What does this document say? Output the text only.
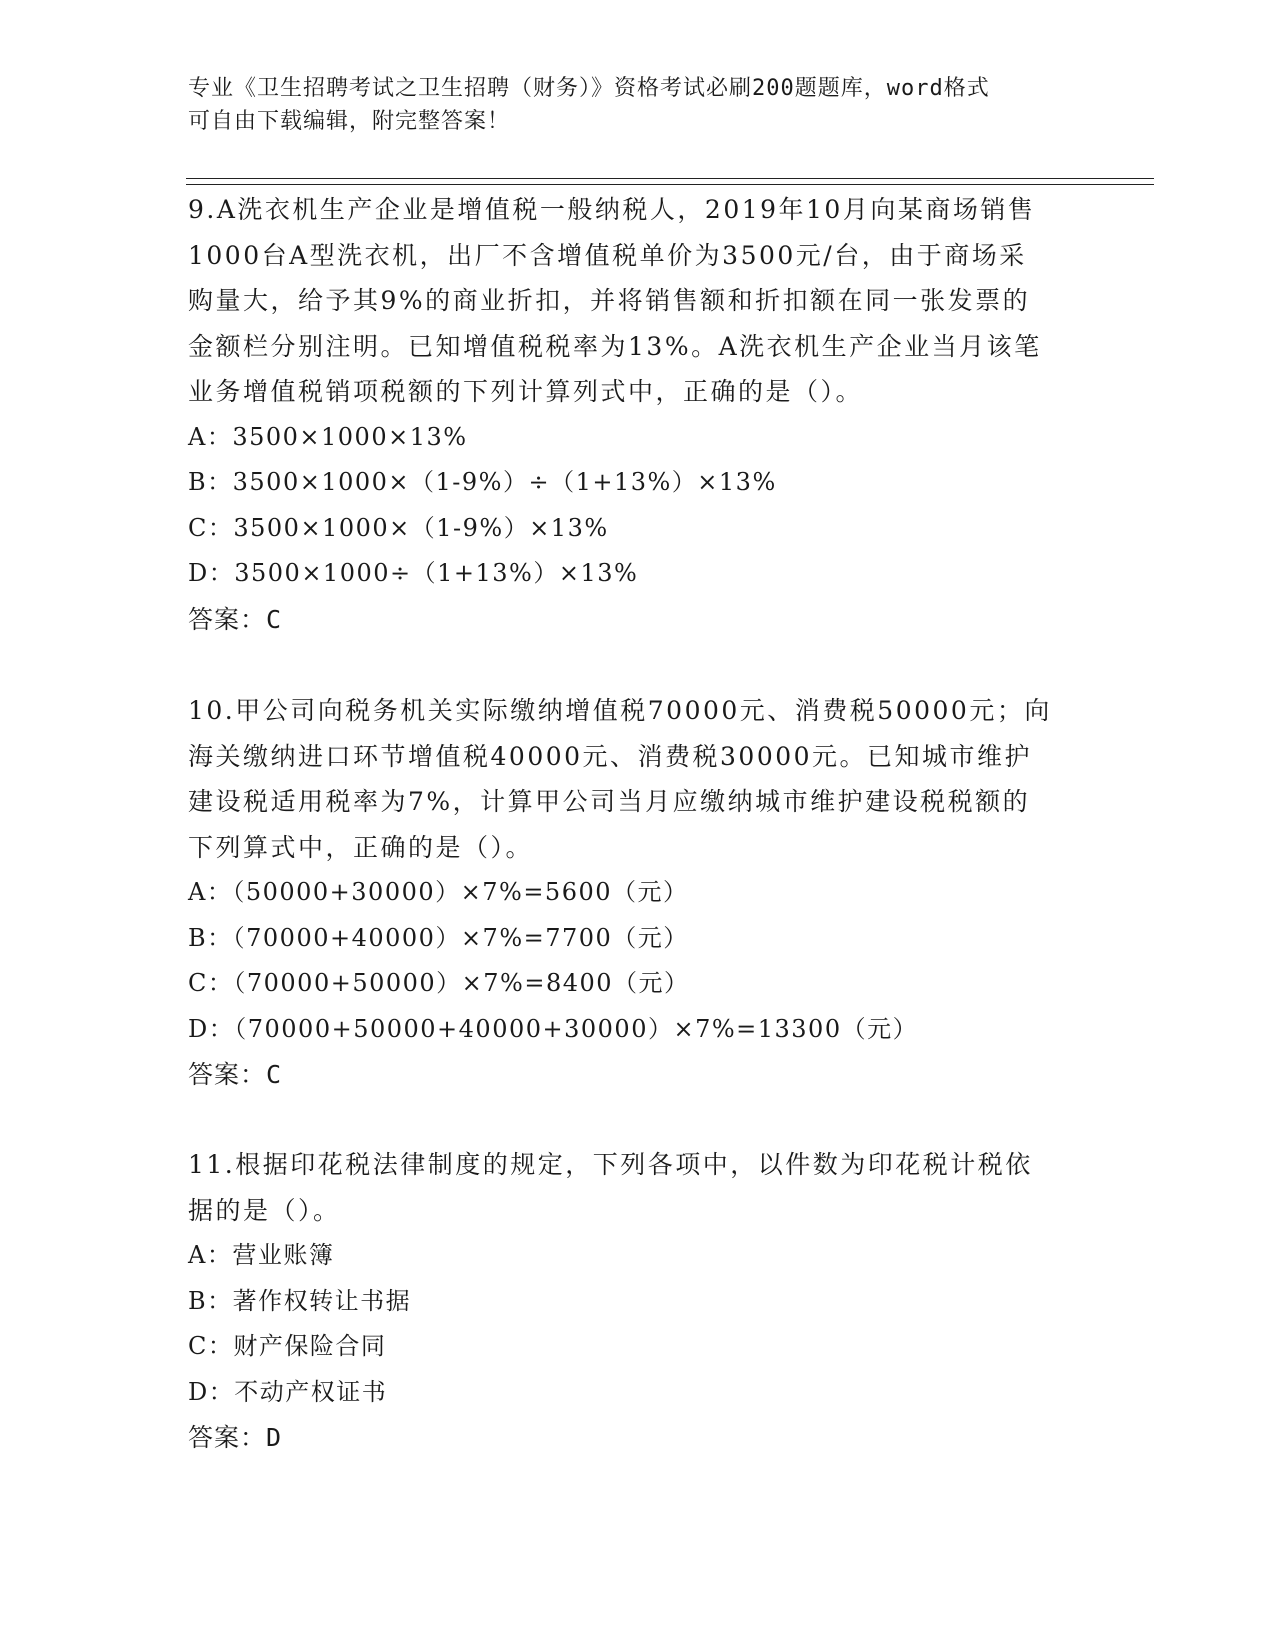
专业《卫生招聘考试之卫生招聘（财务）》资格考试必刷200题题库，word格式
可自由下载编辑，附完整答案！

9.A洗衣机生产企业是增值税一般纳税人，2019年10月向某商场销售

1000台A型洗衣机，出厂不含增值税单价为3500元/台，由于商场采

购量大，给予其9%的商业折扣，并将销售额和折扣额在同一张发票的

金额栏分别注明。已知增值税税率为13%。A洗衣机生产企业当月该笔

业务增值税销项税额的下列计算列式中，正确的是（）。

A：3500×1000×13%

B：3500×1000×（1-9%）÷（1+13%）×13%

C：3500×1000×（1-9%）×13%

D：3500×1000÷（1+13%）×13%

答案：C

10.甲公司向税务机关实际缴纳增值税70000元、消费税50000元；向

海关缴纳进口环节增值税40000元、消费税30000元。已知城市维护

建设税适用税率为7%，计算甲公司当月应缴纳城市维护建设税税额的

下列算式中，正确的是（）。

A：（50000+30000）×7%=5600（元）

B：（70000+40000）×7%=7700（元）

C：（70000+50000）×7%=8400（元）

D：（70000+50000+40000+30000）×7%=13300（元）

答案：C

11.根据印花税法律制度的规定，下列各项中，以件数为印花税计税依

据的是（）。

A：营业账簿

B：著作权转让书据

C：财产保险合同

D：不动产权证书

答案：D
